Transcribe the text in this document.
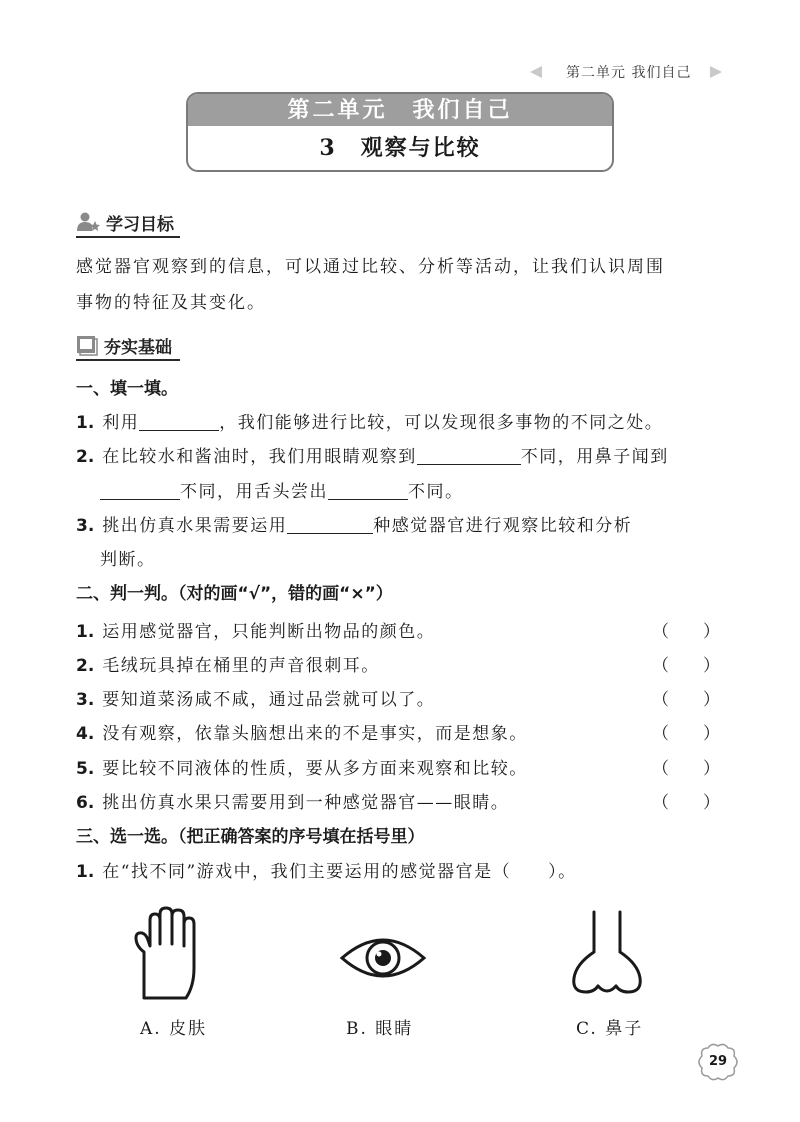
第二单元 我们自己
第二单元　我们自己
3　观察与比较
学习目标
感觉器官观察到的信息，可以通过比较、分析等活动，让我们认识周围
事物的特征及其变化。
夯实基础
一、填一填。
1. 利用	，我们能够进行比较，可以发现很多事物的不同之处。
2. 在比较水和酱油时，我们用眼睛观察到	不同，用鼻子闻到
不同，用舌头尝出	不同。
3. 挑出仿真水果需要运用	种感觉器官进行观察比较和分析
判断。
二、判一判。（对的画“√”，错的画“×”）
1. 运用感觉器官，只能判断出物品的颜色。	（　　）
2. 毛绒玩具掉在桶里的声音很刺耳。	（　　）
3. 要知道菜汤咸不咸，通过品尝就可以了。	（　　）
4. 没有观察，依靠头脑想出来的不是事实，而是想象。	（　　）
5. 要比较不同液体的性质，要从多方面来观察和比较。	（　　）
6. 挑出仿真水果只需要用到一种感觉器官——眼睛。	（　　）
三、选一选。（把正确答案的序号填在括号里）
1. 在“找不同”游戏中，我们主要运用的感觉器官是（　　）。
A. 皮肤	B. 眼睛	C. 鼻子
29
